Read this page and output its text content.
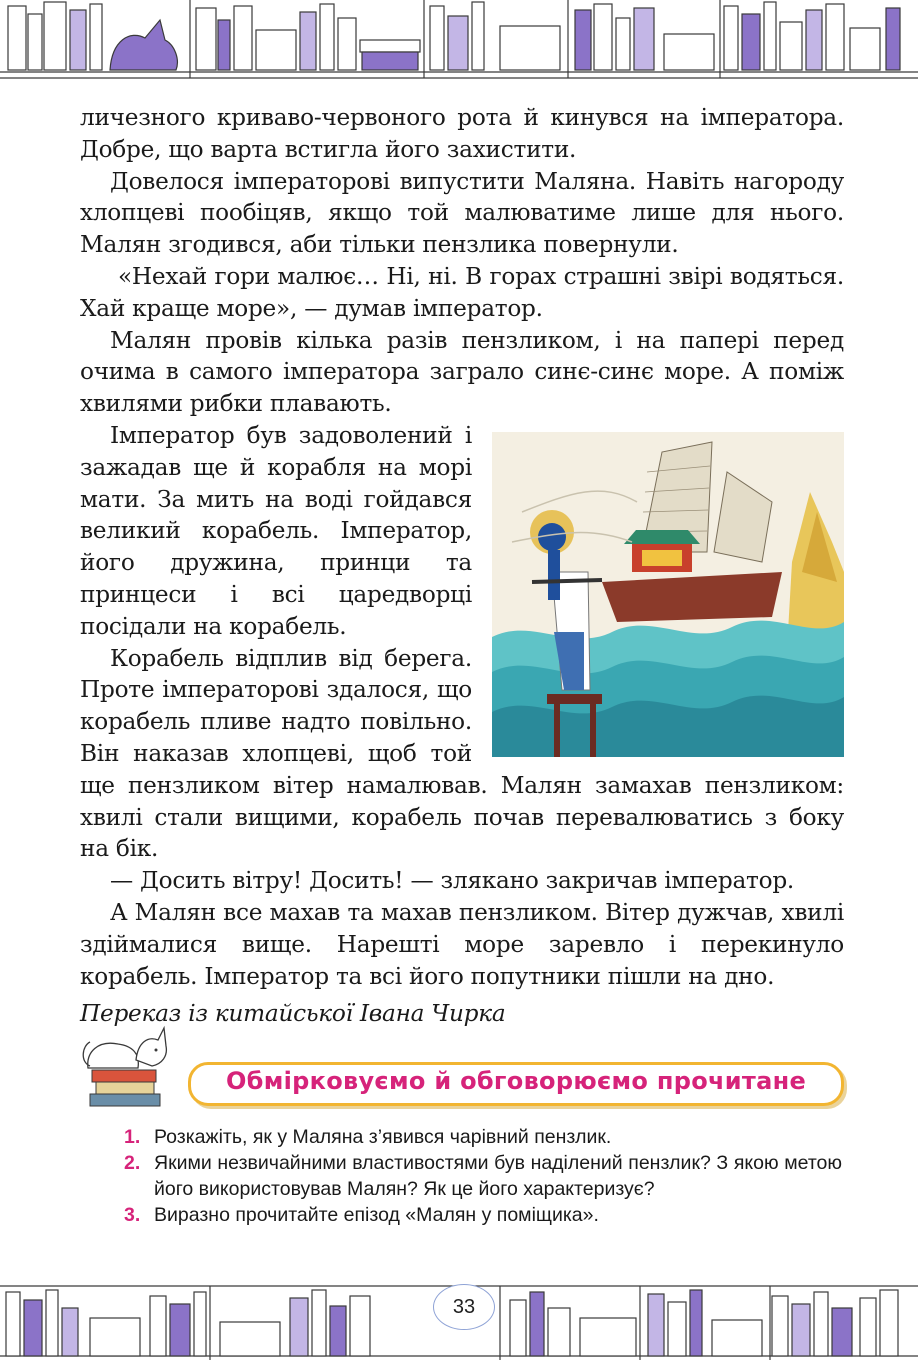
личезного кривавo-червоного рота й кинувся на імператора. Добре, що варта встигла його захистити.

Довелося імператорові випустити Маляна. Навіть нагороду хлопцеві пообіцяв, якщо той малюватиме лише для нього. Малян згодився, аби тільки пензлика повернули.

«Нехай гори малює… Ні, ні. В горах страшні звірі водяться. Хай краще море», — думав імператор.

Малян провів кілька разів пензликом, і на папері перед очима в самого імператора заграло синє-синє море. А поміж хвилями рибки плавають.

Імператор був задоволений і зажадав ще й корабля на морі мати. За мить на воді гойдався великий корабель. Імператор, його дружина, принци та принцеси і всі царедворці посідали на корабель.

Корабель відплив від берега. Проте імператорові здалося, що корабель пливе надто повільно. Він наказав хлопцеві, щоб той ще пензликом вітер намалював. Малян замахав пензликом: хвилі стали вищими, корабель почав перевалюватись з боку на бік.

— Досить вітру! Досить! — злякано закричав імператор.

А Малян все махав та махав пензликом. Вітер дужчав, хвилі здіймалися вище. Нарешті море заревло і перекинуло корабель. Імператор та всі його попутники пішли на дно.

Переказ із китайської Івана Чирка

Обмірковуємо й обговорюємо прочитане
1. Розкажіть, як у Маляна з’явився чарівний пензлик.
2. Якими незвичайними властивостями був наділений пензлик? З якою метою його використовував Малян? Як це його характеризує?
3. Виразно прочитайте епізод «Малян у поміщика».
33
